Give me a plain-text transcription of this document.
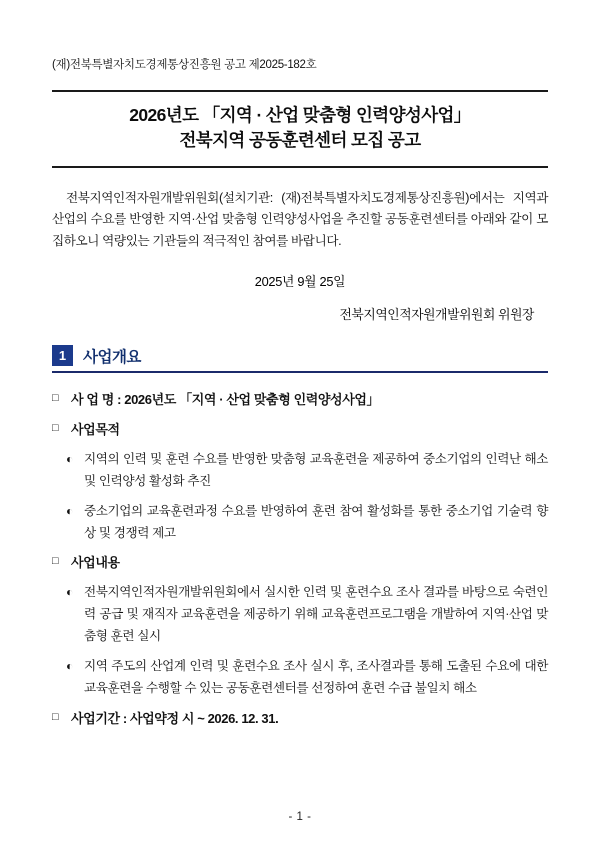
(재)전북특별자치도경제통상진흥원 공고 제2025-182호
2026년도 「지역 · 산업 맞춤형 인력양성사업」
전북지역 공동훈련센터 모집 공고

전북지역인적자원개발위원회(설치기관: (재)전북특별자치도경제통상진흥원)에서는 지역과 산업의 수요를 반영한 지역·산업 맞춤형 인력양성사업을 추진할 공동훈련센터를 아래와 같이 모집하오니 역량있는 기관들의 적극적인 참여를 바랍니다.

2025년 9월 25일
전북지역인적자원개발위원회 위원장
1	사업개요
□ 사 업 명 : 2026년도 「지역 · 산업 맞춤형 인력양성사업」
□ 사업목적
◐ 지역의 인력 및 훈련 수요를 반영한 맞춤형 교육훈련을 제공하여 중소기업의 인력난 해소 및 인력양성 활성화 추진
◐ 중소기업의 교육훈련과정 수요를 반영하여 훈련 참여 활성화를 통한 중소기업 기술력 향상 및 경쟁력 제고
□ 사업내용
◐ 전북지역인적자원개발위원회에서 실시한 인력 및 훈련수요 조사 결과를 바탕으로 숙련인력 공급 및 재직자 교육훈련을 제공하기 위해 교육훈련프로그램을 개발하여 지역·산업 맞춤형 훈련 실시
◐ 지역 주도의 산업계 인력 및 훈련수요 조사 실시 후, 조사결과를 통해 도출된 수요에 대한 교육훈련을 수행할 수 있는 공동훈련센터를 선정하여 훈련 수급 불일치 해소
□ 사업기간 : 사업약정 시 ~ 2026. 12. 31.
- 1 -
